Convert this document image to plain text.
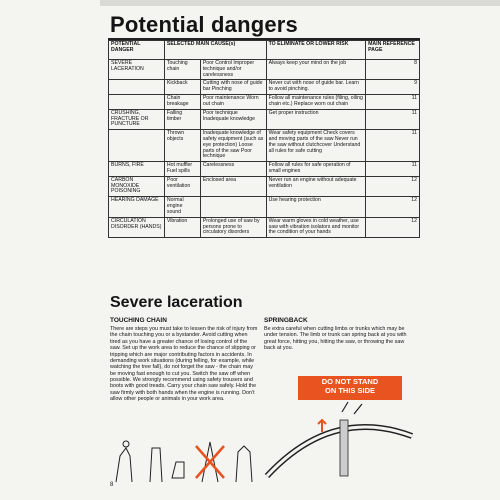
Potential dangers
POTENTIAL DANGER	SELECTED MAIN CAUSE(s)		TO ELIMINATE OR LOWER RISK	MAIN REFERENCE PAGE
SEVERE LACERATION	Touching chain	Poor Control Improper technique and/or carelessness	Always keep your mind on the job	8
	Kickback	Cutting with nose of guide bar Pinching	Never cut with nose of guide bar. Learn to avoid pinching.	9
	Chain breakage	Poor maintenance Worn out chain	Follow all maintenance rules (filing, oiling chain etc.) Replace worn out chain	11
CRUSHING, FRACTURE OR PUNCTURE	Falling timber	Poor technique Inadequate knowledge	Get proper instruction	11
	Thrown objects	Inadequate knowledge of safety equipment (such as eye protection) Loose parts of the saw Poor technique	Wear safety equipment Check covers and moving parts of the saw Never run the saw without clutchcover Understand all rules for safe cutting	11
BURNS, FIRE	Hot muffler Fuel spills	Carelessness	Follow all rules for safe operation of small engines	11
CARBON MONOXIDE POISONING	Poor ventilation	Enclosed area	Never run an engine without adequate ventilation	12
HEARING DAMAGE	Normal engine sound		Use hearing protection	12
CIRCULATION DISORDER (HANDS)	Vibration	Prolonged use of saw by persons prone to circulatory disorders	Wear warm gloves in cold weather, use saw with vibration isolators and monitor the condition of your hands	12
Severe laceration
TOUCHING CHAIN
There are steps you must take to lessen the risk of injury from the chain touching you or a bystander. Avoid cutting when tired as you have a greater chance of losing control of the saw. Set up the work area to reduce the chance of slipping or tripping which are major contributing factors in accidents. In demanding work situations (during felling, for example, while watching the tree fall), do not forget the saw - the chain may be moving fast enough to cut you. Switch the saw off when possible. We strongly recommend using safety trousers and boots with good treads. Carry your chain saw safely. Hold the saw firmly with both hands when the engine is running. Don't allow other people or animals in your work area.
SPRINGBACK
Be extra careful when cutting limbs or trunks which may be under tension. The limb or trunk can spring back at you with great force, hitting you, hitting the saw, or throwing the saw back at you.
DO NOT STAND
ON THIS SIDE
8
